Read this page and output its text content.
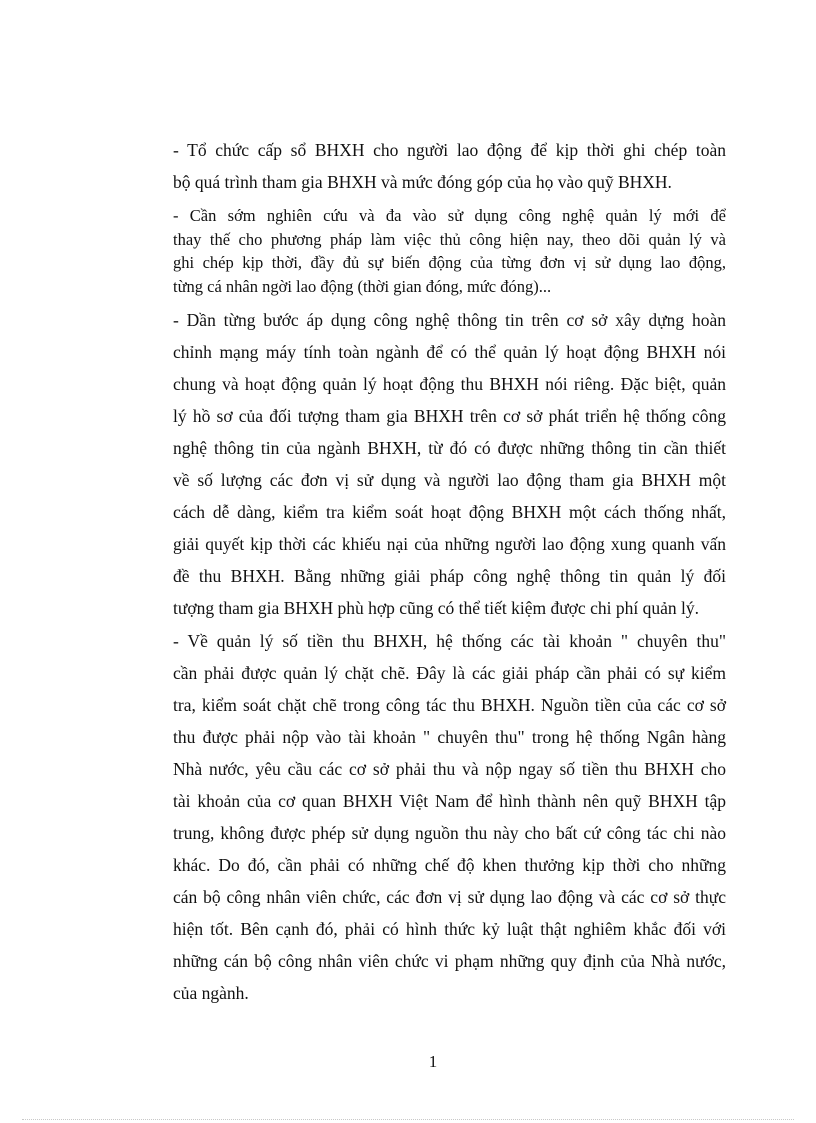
- Tổ chức cấp sổ BHXH cho người lao động để kịp thời ghi chép toàn
bộ quá trình tham gia BHXH và mức đóng góp của họ vào quỹ BHXH.
- Cần sớm nghiên cứu và đa vào sử dụng công nghệ quản lý mới để
thay thế cho phương pháp làm việc thủ công hiện nay, theo dõi quản lý và
ghi chép kịp thời, đầy đủ sự biến động của từng đơn vị sử dụng lao động,
từng cá nhân ngời lao động (thời gian đóng, mức đóng)...
- Dần từng bước áp dụng công nghệ thông tin trên cơ sở xây dựng hoàn
chỉnh mạng máy tính toàn ngành để có thể quản lý hoạt động BHXH nói
chung và hoạt động quản lý hoạt động thu BHXH nói riêng. Đặc biệt, quản
lý hồ sơ của đối tượng tham gia BHXH trên cơ sở phát triển hệ thống công
nghệ thông tin của ngành BHXH, từ đó có được những thông tin cần thiết
về số lượng các đơn vị sử dụng và người lao động tham gia BHXH một
cách dễ dàng, kiểm tra kiểm soát hoạt động BHXH một cách thống nhất,
giải quyết kịp thời các khiếu nại của những người lao động xung quanh vấn
đề thu BHXH. Bằng những giải pháp công nghệ thông tin quản lý đối
tượng tham gia BHXH phù hợp cũng có thể tiết kiệm được chi phí quản lý.
- Về quản lý số tiền thu BHXH, hệ thống các tài khoản " chuyên thu"
cần phải được quản lý chặt chẽ. Đây là các giải pháp cần phải có sự kiểm
tra, kiểm soát chặt chẽ trong công tác thu BHXH. Nguồn tiền của các cơ sở
thu được phải nộp vào tài khoản " chuyên thu" trong hệ thống Ngân hàng
Nhà nước, yêu cầu các cơ sở phải thu và nộp ngay số tiền thu BHXH cho
tài khoản của cơ quan BHXH Việt Nam để hình thành nên quỹ BHXH tập
trung, không được phép sử dụng nguồn thu này cho bất cứ công tác chi nào
khác. Do đó, cần phải có những chế độ khen thưởng kịp thời cho những
cán bộ công nhân viên chức, các đơn vị sử dụng lao động và các cơ sở thực
hiện tốt. Bên cạnh đó, phải có hình thức kỷ luật thật nghiêm khắc đối với
những cán bộ công nhân viên chức vi phạm những quy định của Nhà nước,
của ngành.
1
